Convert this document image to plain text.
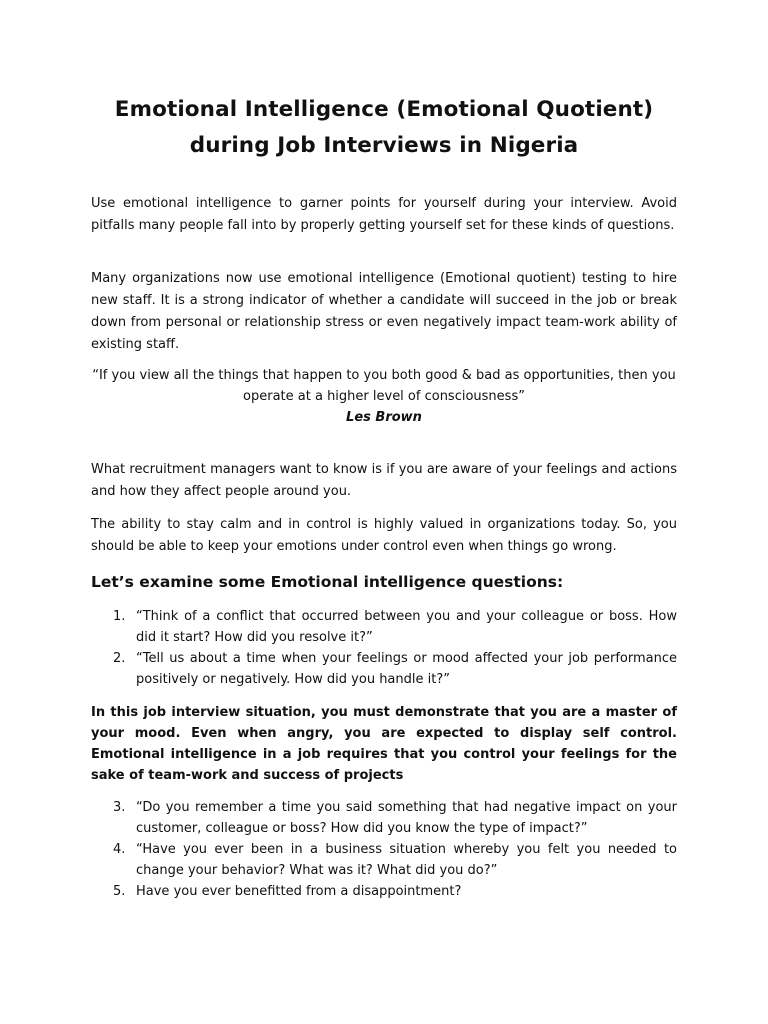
Emotional Intelligence (Emotional Quotient)
during Job Interviews in Nigeria

Use emotional intelligence to garner points for yourself during your interview. Avoid pitfalls many people fall into by properly getting yourself set for these kinds of questions.

Many organizations now use emotional intelligence (Emotional quotient) testing to hire new staff. It is a strong indicator of whether a candidate will succeed in the job or break down from personal or relationship stress or even negatively impact team-work ability of existing staff.

“If you view all the things that happen to you both good & bad as opportunities, then you operate at a higher level of consciousness”
Les Brown

What recruitment managers want to know is if you are aware of your feelings and actions and how they affect people around you.

The ability to stay calm and in control is highly valued in organizations today. So, you should be able to keep your emotions under control even when things go wrong.

Let’s examine some Emotional intelligence questions:
1. “Think of a conflict that occurred between you and your colleague or boss. How did it start? How did you resolve it?”
2. “Tell us about a time when your feelings or mood affected your job performance positively or negatively. How did you handle it?”

In this job interview situation, you must demonstrate that you are a master of your mood. Even when angry, you are expected to display self control. Emotional intelligence in a job requires that you control your feelings for the sake of team-work and success of projects

3. “Do you remember a time you said something that had negative impact on your customer, colleague or boss? How did you know the type of impact?”
4. “Have you ever been in a business situation whereby you felt you needed to change your behavior? What was it? What did you do?”
5. Have you ever benefitted from a disappointment?
